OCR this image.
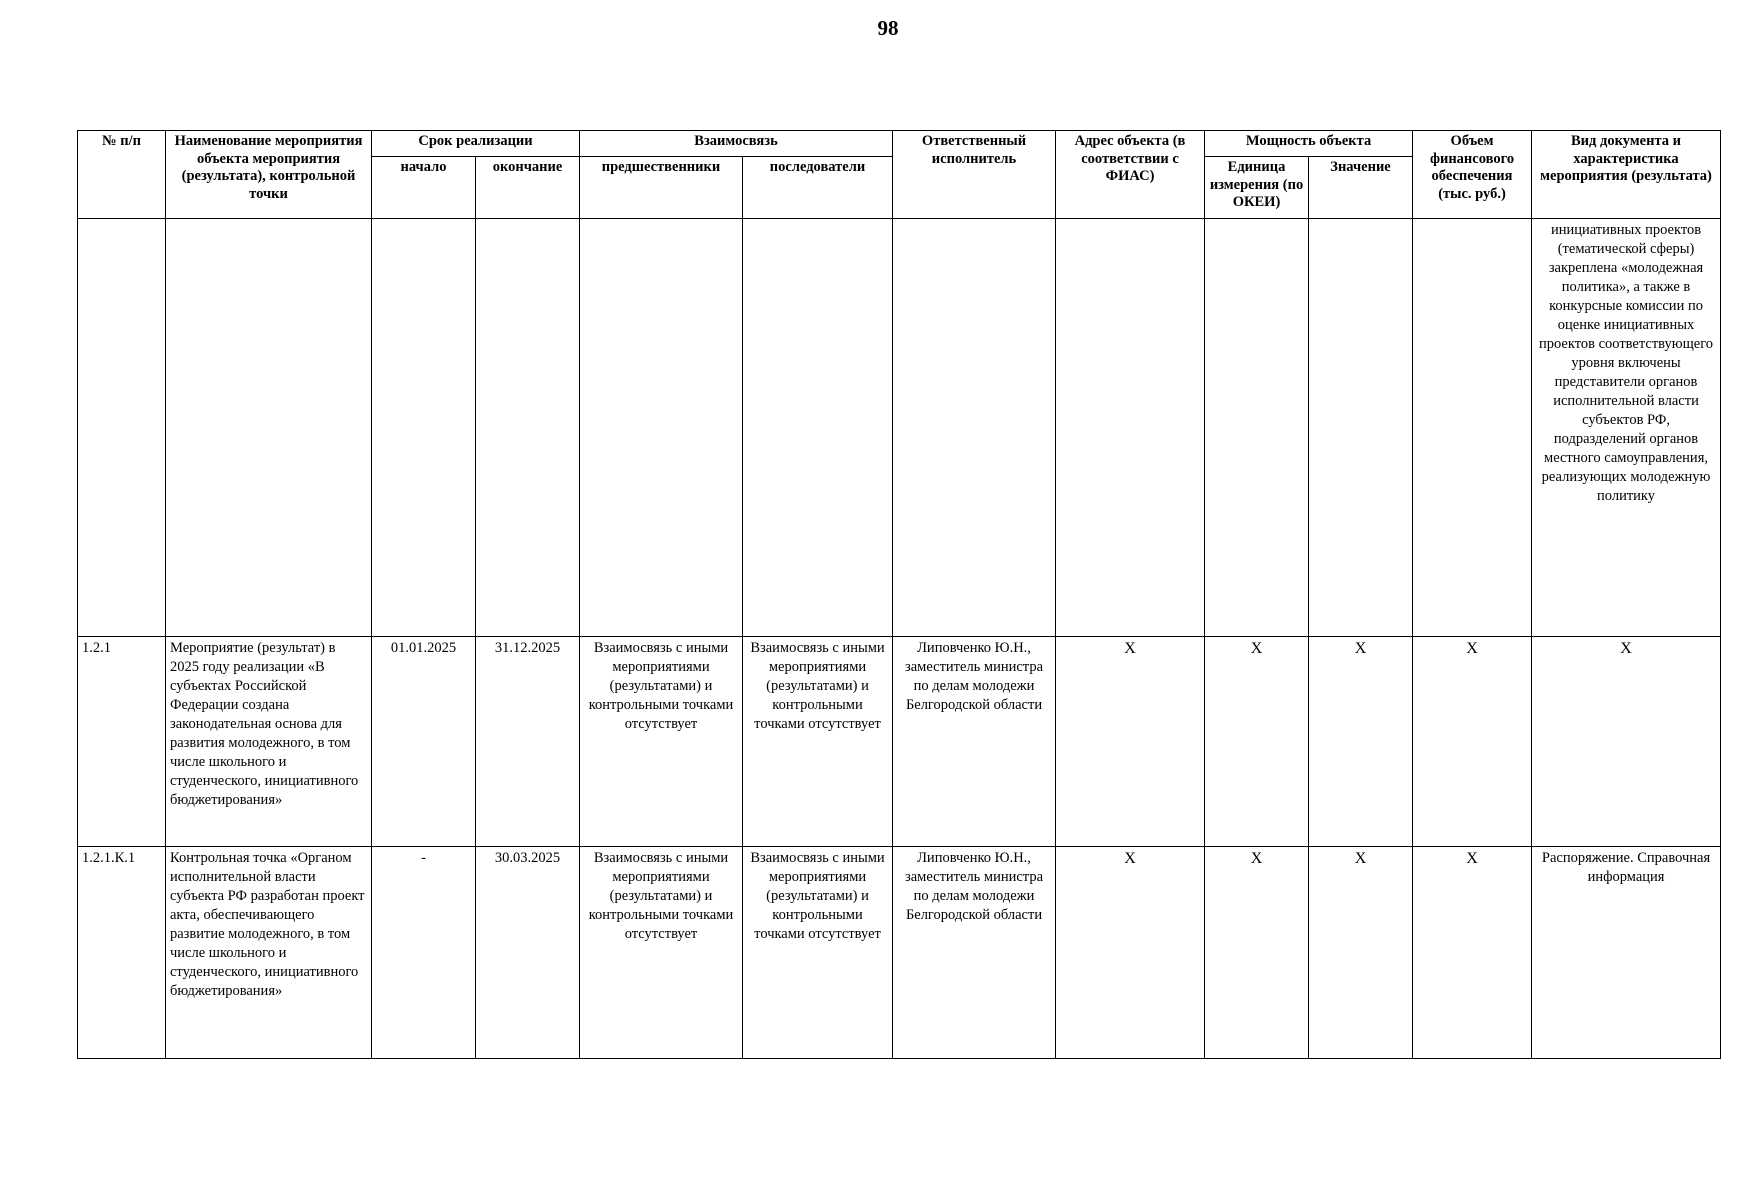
98
№ п/п	Наименование мероприятия объекта мероприятия (результата), контрольной точки	Срок реализации		Взаимосвязь		Ответственный исполнитель	Адрес объекта (в соответствии с ФИАС)	Мощность объекта		Объем финансового обеспечения (тыс. руб.)	Вид документа и характеристика мероприятия (результата)
		начало	окончание	предшественники	последователи			Единица измерения (по ОКЕИ)	Значение		
											инициативных проектов (тематической сферы) закреплена «молодежная политика», а также в конкурсные комиссии по оценке инициативных проектов соответствующего уровня включены представители органов исполнительной власти субъектов РФ, подразделений органов местного самоуправления, реализующих молодежную политику
1.2.1	Мероприятие (результат) в 2025 году реализации «В субъектах Российской Федерации создана законодательная основа для развития молодежного, в том числе школьного и студенческого, инициативного бюджетирования»	01.01.2025	31.12.2025	Взаимосвязь с иными мероприятиями (результатами) и контрольными точками отсутствует	Взаимосвязь с иными мероприятиями (результатами) и контрольными точками отсутствует	Липовченко Ю.Н., заместитель министра по делам молодежи Белгородской области	X	X	X	X	X
1.2.1.К.1	Контрольная точка «Органом исполнительной власти субъекта РФ разработан проект акта, обеспечивающего развитие молодежного, в том числе школьного и студенческого, инициативного бюджетирования»	-	30.03.2025	Взаимосвязь с иными мероприятиями (результатами) и контрольными точками отсутствует	Взаимосвязь с иными мероприятиями (результатами) и контрольными точками отсутствует	Липовченко Ю.Н., заместитель министра по делам молодежи Белгородской области	X	X	X	X	Распоряжение. Справочная информация
